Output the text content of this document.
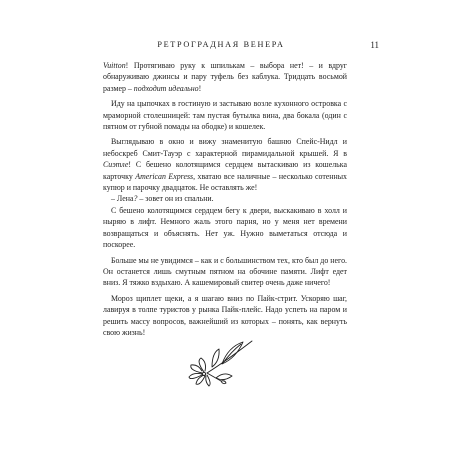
РЕТРОГРАДНАЯ ВЕНЕРА	11

Vuitton! Протягиваю руку к шпилькам – выбора нет! – и вдруг обнаруживаю джинсы и пару туфель без каблука. Тридцать восьмой размер – подходит идеально!

Иду на цыпочках в гостиную и застываю возле кухонного островка с мраморной столешницей: там пустая бутылка вина, два бокала (один с пятном от губной помады на ободке) и кошелек.

Выглядываю в окно и вижу знаменитую башню Спейс-Нидл и небоскреб Смит-Тауэр с характерной пирамидальной крышей. Я в Сиэтле! С бешено колотящимся сердцем вытаскиваю из кошелька карточку American Express, хватаю все наличные – несколько сотенных купюр и парочку двадцаток. Не оставлять же!

– Лена? – зовет он из спальни.

С бешено колотящимся сердцем бегу к двери, выскакиваю в холл и ныряю в лифт. Немного жаль этого парня, но у меня нет времени возвращаться и объяснять. Нет уж. Нужно выметаться отсюда и поскорее.

Больше мы не увидимся – как и с большинством тех, кто был до него. Он останется лишь смутным пятном на обочине памяти. Лифт едет вниз. Я тяжко вздыхаю. А кашемировый свитер очень даже ничего!

Мороз щиплет щеки, а я шагаю вниз по Пайк-стрит. Ускоряю шаг, лавируя в толпе туристов у рынка Пайк-плейс. Надо успеть на паром и решить массу вопросов, важнейший из которых – понять, как вернуть свою жизнь!
